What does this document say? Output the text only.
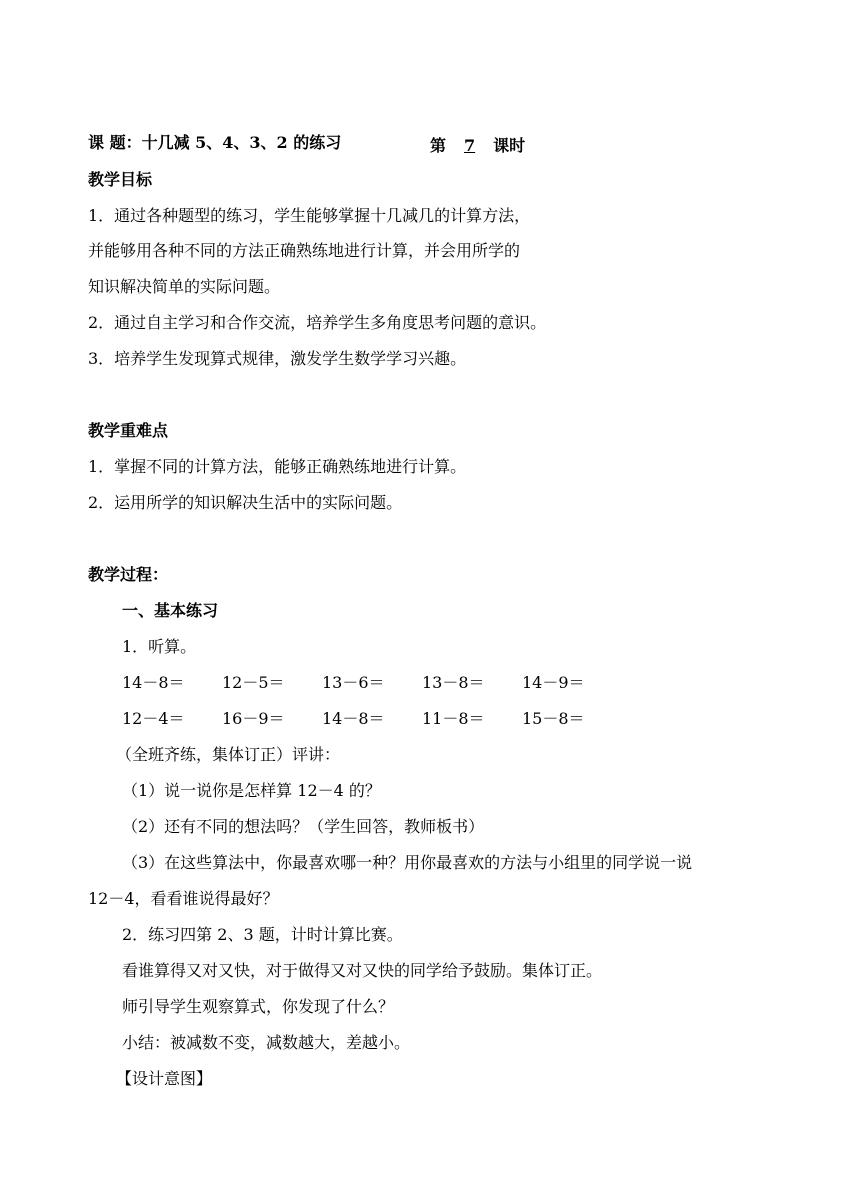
课 题：十几减 5、4、3、2 的练习	第 7 课时
教学目标
1．通过各种题型的练习，学生能够掌握十几减几的计算方法，
并能够用各种不同的方法正确熟练地进行计算，并会用所学的
知识解决简单的实际问题。
2．通过自主学习和合作交流，培养学生多角度思考问题的意识。
3．培养学生发现算式规律，激发学生数学学习兴趣。
教学重难点
1．掌握不同的计算方法，能够正确熟练地进行计算。
2．运用所学的知识解决生活中的实际问题。
教学过程：
一、基本练习
1．听算。
14－8＝ 12－5＝ 13－6＝ 13－8＝ 14－9＝
12－4＝ 16－9＝ 14－8＝ 11－8＝ 15－8＝
（全班齐练，集体订正）评讲：
（1）说一说你是怎样算 12－4 的？
（2）还有不同的想法吗？（学生回答，教师板书）
（3）在这些算法中，你最喜欢哪一种？用你最喜欢的方法与小组里的同学说一说
12－4，看看谁说得最好？
2．练习四第 2、3 题，计时计算比赛。
看谁算得又对又快，对于做得又对又快的同学给予鼓励。集体订正。
师引导学生观察算式，你发现了什么？
小结：被减数不变，减数越大，差越小。
【设计意图】
